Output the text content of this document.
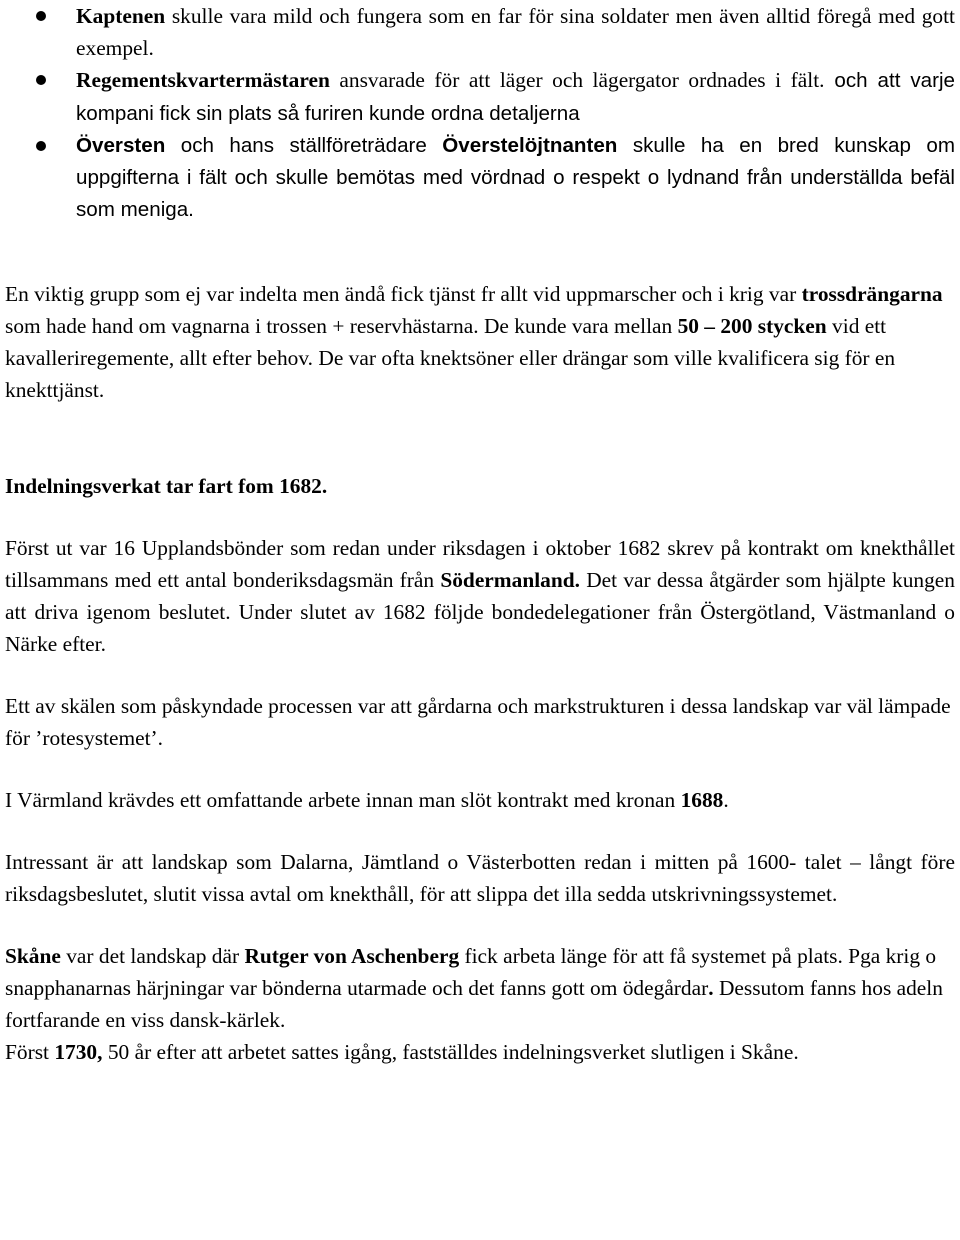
Kaptenen skulle vara mild och fungera som en far för sina soldater men även alltid föregå med gott exempel.
Regementskvartermästaren ansvarade för att läger och lägergator ordnades i fält. och att varje kompani fick sin plats så furiren kunde ordna detaljerna
Översten och hans ställföreträdare Överstelöjtnanten skulle ha en bred kunskap om uppgifterna i fält och skulle bemötas med vördnad o respekt o lydnand från underställda befäl som meniga.

En viktig grupp som ej var indelta men ändå fick tjänst fr allt vid uppmarscher och i krig var trossdrängarna som hade hand om vagnarna i trossen + reservhästarna. De kunde vara mellan 50 – 200 stycken vid ett kavalleriregemente, allt efter behov. De var ofta knektsöner eller drängar som ville kvalificera sig för en knekttjänst.

Indelningsverkat tar fart fom 1682.

Först ut var 16 Upplandsbönder som redan under riksdagen i oktober 1682 skrev på kontrakt om knekthållet tillsammans med ett antal bonderiksdagsmän från Södermanland. Det var dessa åtgärder som hjälpte kungen att driva igenom beslutet. Under slutet av 1682 följde bondedelegationer från Östergötland, Västmanland o Närke efter.

Ett av skälen som påskyndade processen var att gårdarna och markstrukturen i dessa landskap var väl lämpade för ’rotesystemet’.

I Värmland krävdes ett omfattande arbete innan man slöt kontrakt med kronan 1688.

Intressant är att landskap som Dalarna, Jämtland o Västerbotten redan i mitten på 1600- talet – långt före riksdagsbeslutet, slutit vissa avtal om knekthåll, för att slippa det illa sedda utskrivningssystemet.

Skåne var det landskap där Rutger von Aschenberg fick arbeta länge för att få systemet på plats. Pga krig o snapphanarnas härjningar var bönderna utarmade och det fanns gott om ödegårdar. Dessutom fanns hos adeln fortfarande en viss dansk-kärlek.

Först 1730, 50 år efter att arbetet sattes igång, fastställdes indelningsverket slutligen i Skåne.
